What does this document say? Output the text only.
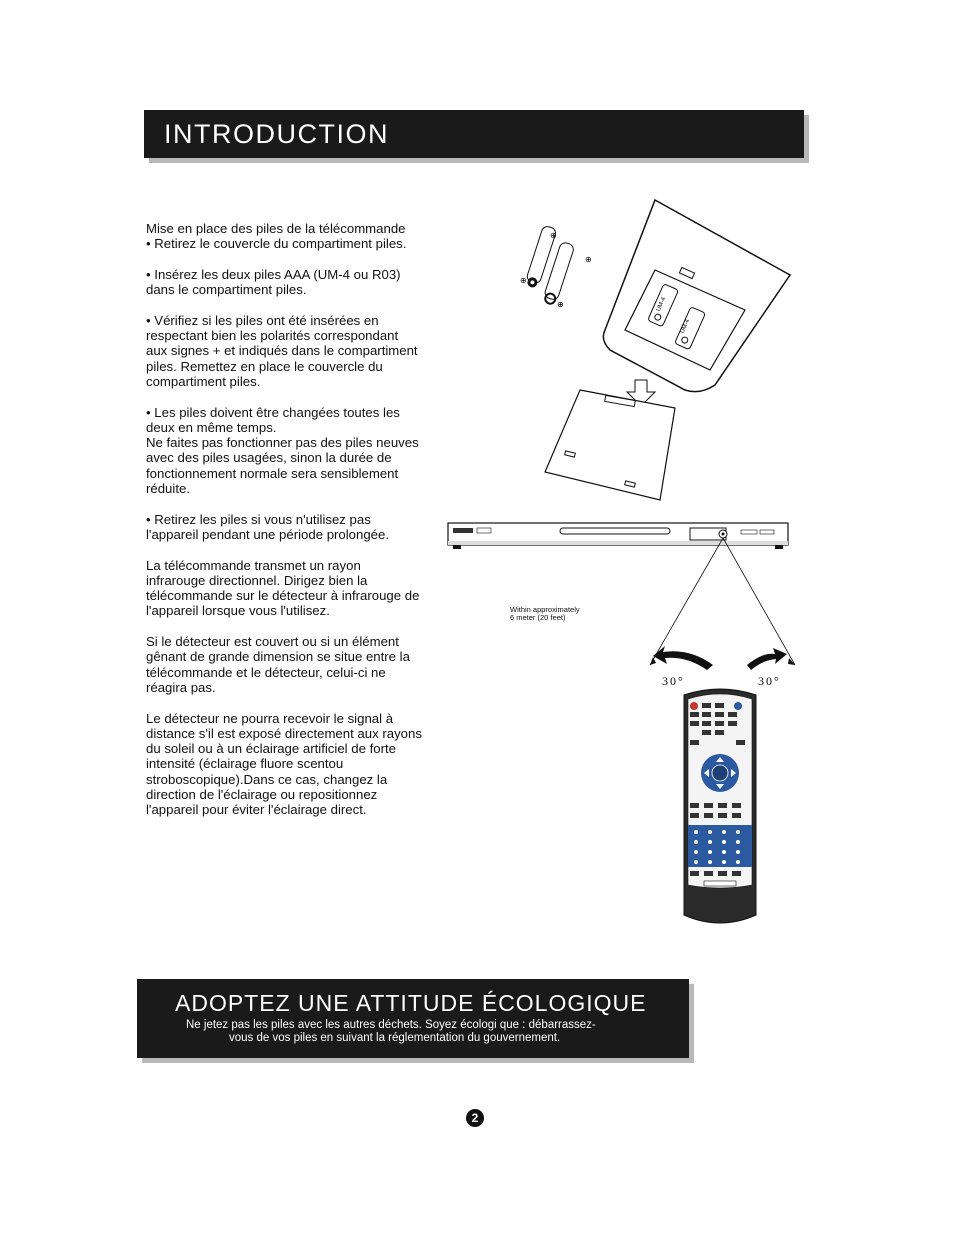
INTRODUCTION

Mise en place des piles de la télécommande
• Retirez le couvercle du compartiment piles.

• Insérez les deux piles AAA (UM-4 ou R03)
dans le compartiment piles.

• Vérifiez si les piles ont été insérées en
respectant bien les polarités correspondant
aux signes + et indiqués dans le compartiment
piles. Remettez en place le couvercle du
compartiment piles.

• Les piles doivent être changées toutes les
deux en même temps.
Ne faites pas fonctionner pas des piles neuves
avec des piles usagées, sinon la durée de
fonctionnement normale sera sensiblement
réduite.

• Retirez les piles si vous n'utilisez pas
l'appareil pendant une période prolongée.

La télécommande transmet un rayon
infrarouge directionnel. Dirigez bien la
télécommande sur le détecteur à infrarouge de
l'appareil lorsque vous l'utilisez.

Si le détecteur est couvert ou si un élément
gênant de grande dimension se situe entre la
télécommande et le détecteur, celui-ci ne
réagira pas.

Le détecteur ne pourra recevoir le signal à
distance s'il est exposé directement aux rayons
du soleil ou à un éclairage artificiel de forte
intensité (éclairage fluore scentou
stroboscopique).Dans ce cas, changez la
direction de l'éclairage ou repositionnez
l'appareil pour éviter l'éclairage direct.

UM-4
UM-4
⊕
⊕
⊕
⊕
Within approximately
6 meter (20 feet)
30°	30°
ADOPTEZ UNE ATTITUDE ÉCOLOGIQUE
Ne jetez pas les piles avec les autres déchets. Soyez écologi que : débarrassez-
vous de vos piles en suivant la réglementation du gouvernement.
2
